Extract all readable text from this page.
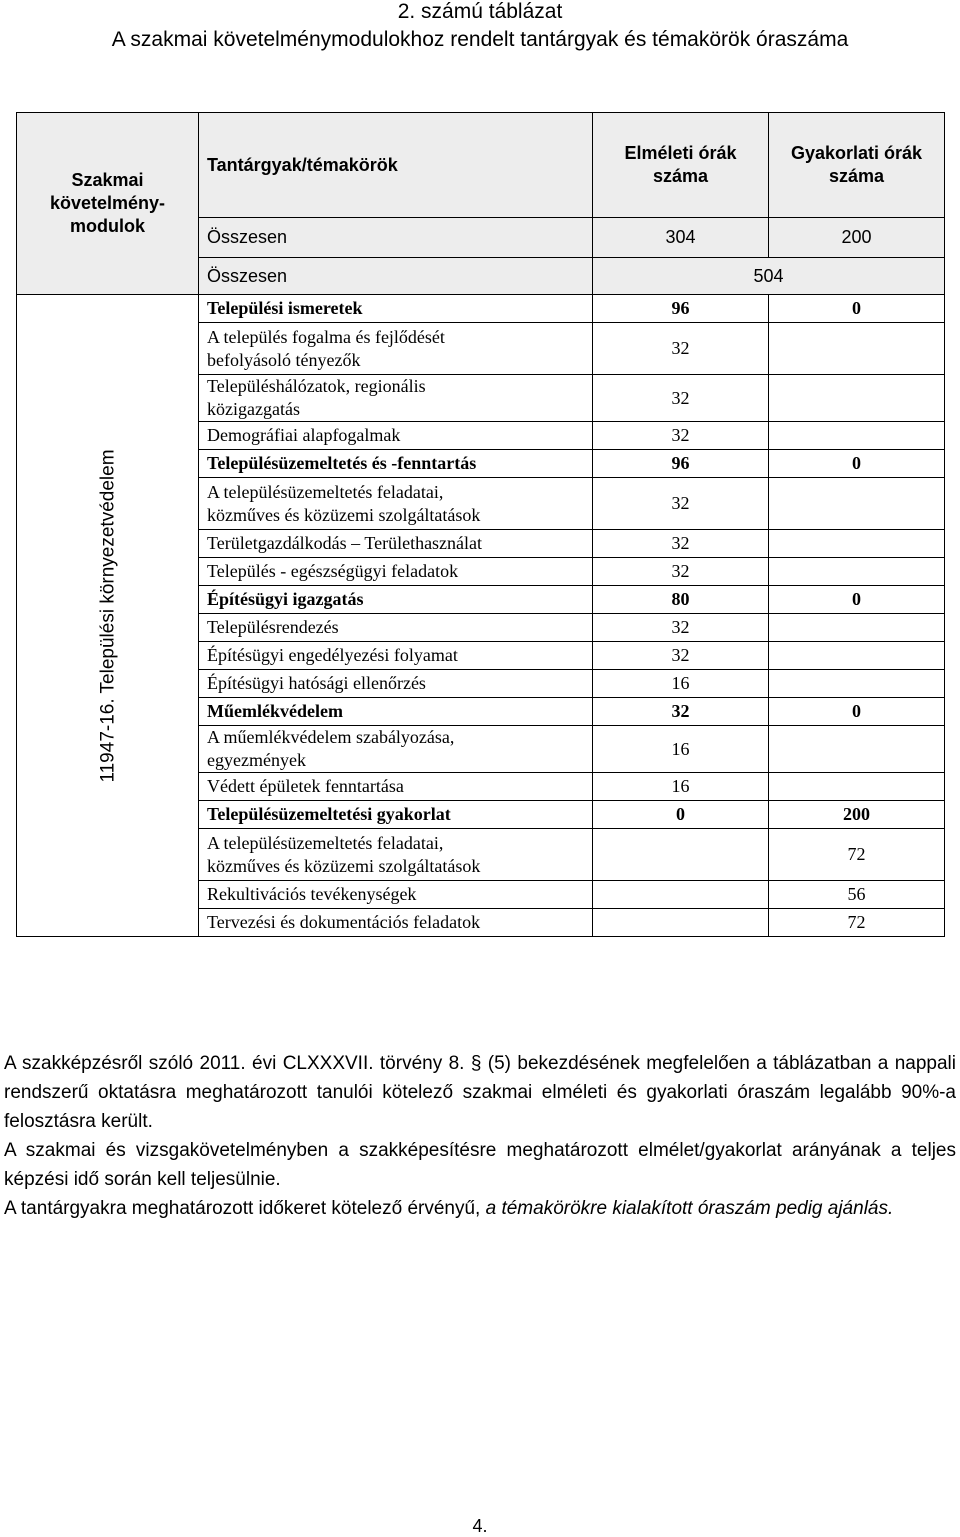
2. számú táblázat
A szakmai követelménymodulokhoz rendelt tantárgyak és témakörök óraszáma
Szakmai követelmény-modulok	Tantárgyak/témakörök	Elméleti órák száma	Gyakorlati órák száma
	Összesen	304	200
	Összesen	504	

11947-16. Települési környezetvédelem	Települési ismeretek	96	0
	A település fogalma és fejlődését befolyásoló tényezők	32	
	Településhálózatok, regionális közigazgatás	32	
	Demográfiai alapfogalmak	32	
	Településüzemeltetés és -fenntartás	96	0
	A településüzemeltetés feladatai, közműves és közüzemi szolgáltatások	32	
	Területgazdálkodás – Területhasználat	32	
	Település - egészségügyi feladatok	32	
	Építésügyi igazgatás	80	0
	Településrendezés	32	
	Építésügyi engedélyezési folyamat	32	
	Építésügyi hatósági ellenőrzés	16	
	Műemlékvédelem	32	0
	A műemlékvédelem szabályozása, egyezmények	16	
	Védett épületek fenntartása	16	
	Településüzemeltetési gyakorlat	0	200
	A településüzemeltetés feladatai, közműves és közüzemi szolgáltatások		72
	Rekultivációs tevékenységek		56
	Tervezési és dokumentációs feladatok		72

A szakképzésről szóló 2011. évi CLXXXVII. törvény 8. § (5) bekezdésének megfelelően a táblázatban a nappali rendszerű oktatásra meghatározott tanulói kötelező szakmai elméleti és gyakorlati óraszám legalább 90%-a felosztásra került.

A szakmai és vizsgakövetelményben a szakképesítésre meghatározott elmélet/gyakorlat arányának a teljes képzési idő során kell teljesülnie.

A tantárgyakra meghatározott időkeret kötelező érvényű, a témakörökre kialakított óraszám pedig ajánlás.

4.
